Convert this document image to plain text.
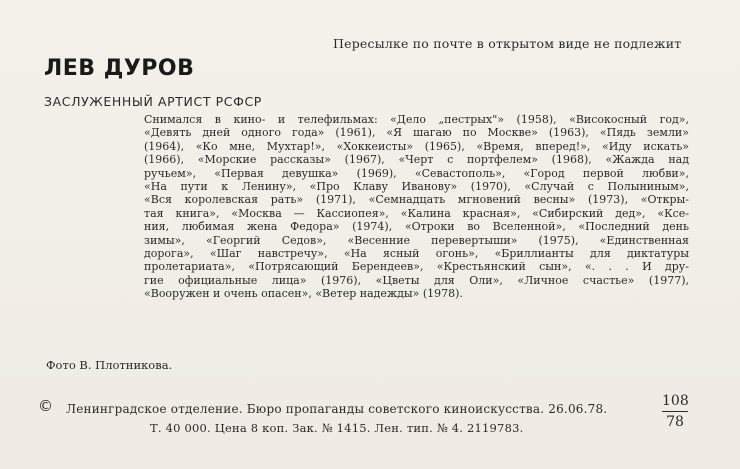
Пересылке по почте в открытом виде не подлежит
ЛЕВ ДУРОВ
ЗАСЛУЖЕННЫЙ АРТИСТ РСФСР
Снимался в кино- и телефильмах: «Дело „пестрых"» (1958), «Високосный год»,
«Девять дней одного года» (1961), «Я шагаю по Москве» (1963), «Пядь земли»
(1964), «Ко мне, Мухтар!», «Хоккеисты» (1965), «Время, вперед!», «Иду искать»
(1966), «Морские рассказы» (1967), «Черт с портфелем» (1968), «Жажда над
ручьем», «Первая девушка» (1969), «Севастополь», «Город первой любви»,
«На пути к Ленину», «Про Клаву Иванову» (1970), «Случай с Полыниным»,
«Вся королевская рать» (1971), «Семнадцать мгновений весны» (1973), «Откры-
тая книга», «Москва — Кассиопея», «Калина красная», «Сибирский дед», «Ксе-
ния, любимая жена Федора» (1974), «Отроки во Вселенной», «Последний день
зимы», «Георгий Седов», «Весенние перевертыши» (1975), «Единственная
дорога», «Шаг навстречу», «На ясный огонь», «Бриллианты для диктатуры
пролетариата», «Потрясающий Берендеев», «Крестьянский сын», «. . . И дру-
гие официальные лица» (1976), «Цветы для Оли», «Личное счастье» (1977),
«Вооружен и очень опасен», «Ветер надежды» (1978).
Фото В. Плотникова.
© Ленинградское отделение. Бюро пропаганды советского киноискусства. 26.06.78.
Т. 40 000. Цена 8 коп. Зак. № 1415. Лен. тип. № 4. 2119783.
108
78
